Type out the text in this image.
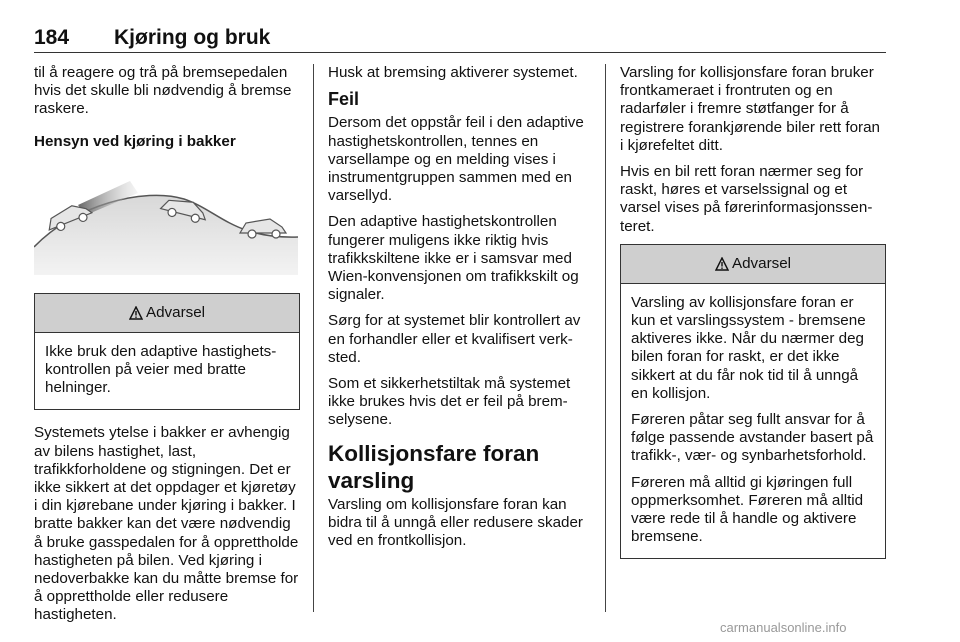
184 Kjøring og bruk

til å reagere og trå på bremsepedalen hvis det skulle bli nødvendig å bremse raskere.

Hensyn ved kjøring i bakker
Advarsel

Ikke bruk den adaptive hastighetskontrollen på veier med bratte helninger.

Systemets ytelse i bakker er avhengig av bilens hastighet, last, trafikkforholdene og stigningen. Det er ikke sikkert at det oppdager et kjøretøy i din kjørebane under kjøring i bakker. I bratte bakker kan det være nødvendig å bruke gasspedalen for å opprettholde hastigheten på bilen. Ved kjøring i nedoverbakke kan du måtte bremse for å opprettholde eller redusere hastigheten.

Husk at bremsing aktiverer systemet.

Feil

Dersom det oppstår feil i den adaptive hastighetskontrollen, tennes en varsellampe og en melding vises i instrumentgruppen sammen med en varsellyd.

Den adaptive hastighetskontrollen fungerer muligens ikke riktig hvis trafikkskiltene ikke er i samsvar med Wien-konvensjonen om trafikkskilt og signaler.

Sørg for at systemet blir kontrollert av en forhandler eller et kvalifisert verksted.

Som et sikkerhetstiltak må systemet ikke brukes hvis det er feil på bremselysene.

Kollisjonsfare foran varsling

Varsling om kollisjonsfare foran kan bidra til å unngå eller redusere skader ved en frontkollisjon.

Varsling for kollisjonsfare foran bruker frontkameraet i frontruten og en radarføler i fremre støtfanger for å registrere forankjørende biler rett foran i kjørefeltet ditt.

Hvis en bil rett foran nærmer seg for raskt, høres et varselssignal og et varsel vises på førerinformasjonssenteret.

Advarsel

Varsling av kollisjonsfare foran er kun et varslingssystem - bremsene aktiveres ikke. Når du nærmer deg bilen foran for raskt, er det ikke sikkert at du får nok tid til å unngå en kollisjon.

Føreren påtar seg fullt ansvar for å følge passende avstander basert på trafikk-, vær- og synbarhetsforhold.

Føreren må alltid gi kjøringen full oppmerksomhet. Føreren må alltid være rede til å handle og aktivere bremsene.

carmanualsonline.info
